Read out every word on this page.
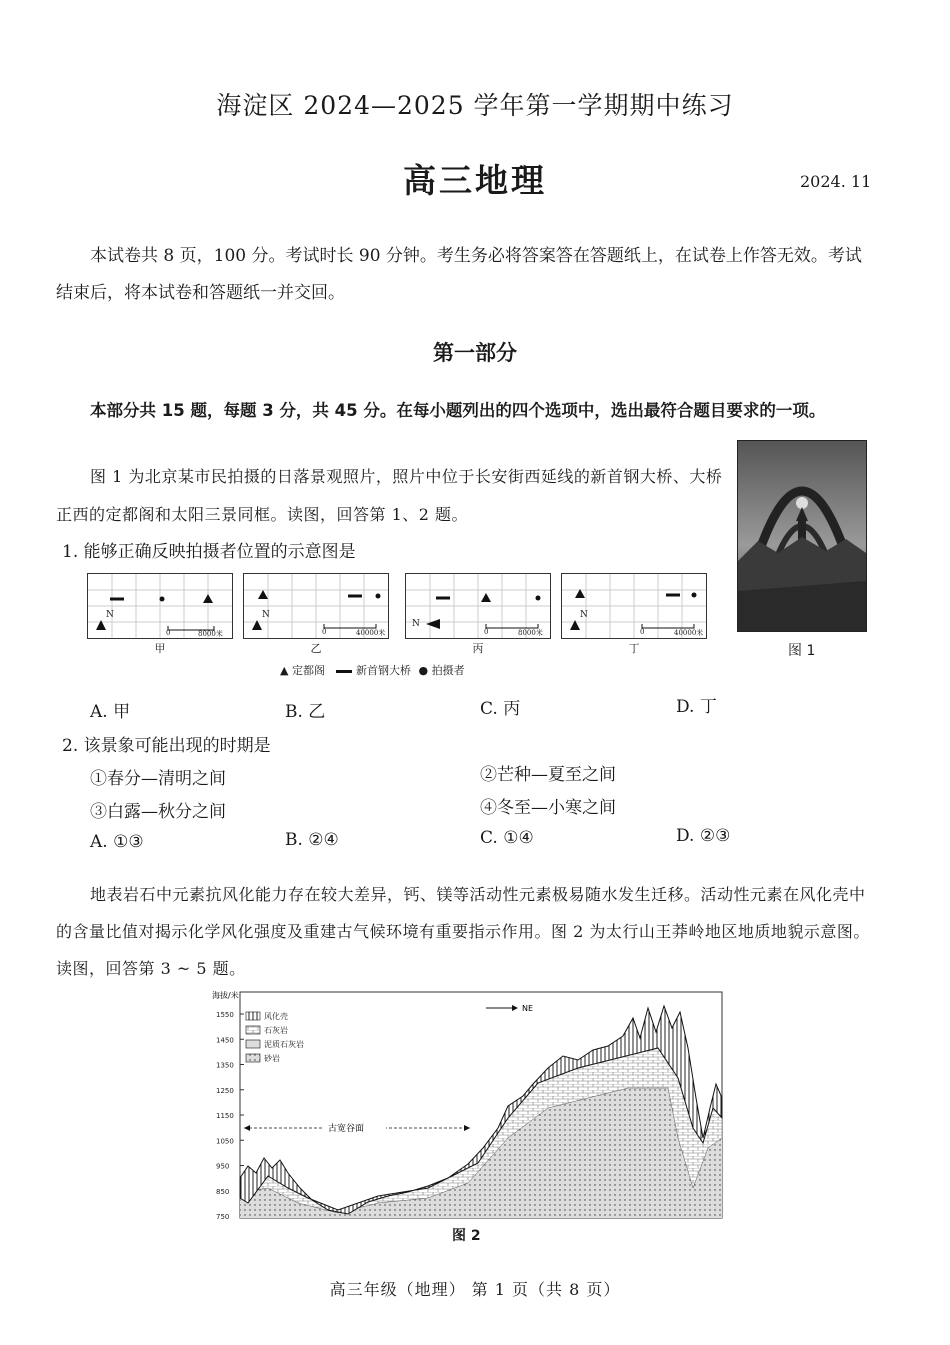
海淀区 2024—2025 学年第一学期期中练习
高三地理	2024. 11
本试卷共 8 页，100 分。考试时长 90 分钟。考生务必将答案答在答题纸上，在试卷上作答无效。考试结束后，将本试卷和答题纸一并交回。
第一部分
本部分共 15 题，每题 3 分，共 45 分。在每小题列出的四个选项中，选出最符合题目要求的一项。
图 1 为北京某市民拍摄的日落景观照片，照片中位于长安街西延线的新首钢大桥、大桥正西的定都阁和太阳三景同框。读图，回答第 1、2 题。
图 1
1. 能够正确反映拍摄者位置的示意图是
N
0	8000米
N
0	40000米
N
0	8000米
N
0	40000米
甲	乙	丙	丁
▲ 定都阁	新首钢大桥 ● 拍摄者
A. 甲	B. 乙	C. 丙	D. 丁
2. 该景象可能出现的时期是
①春分—清明之间	②芒种—夏至之间
③白露—秋分之间	④冬至—小寒之间
A. ①③	B. ②④	C. ①④	D. ②③
地表岩石中元素抗风化能力存在较大差异，钙、镁等活动性元素极易随水发生迁移。活动性元素在风化壳中的含量比值对揭示化学风化强度及重建古气候环境有重要指示作用。图 2 为太行山王莽岭地区地质地貌示意图。读图，回答第 3 ~ 5 题。
海拔/米
1550
1450
1350
1250
1150
1050
950
850
750
风化壳
石灰岩
泥质石灰岩
砂岩
NE
古宽谷面
图 2
高三年级（地理） 第 1 页（共 8 页）
